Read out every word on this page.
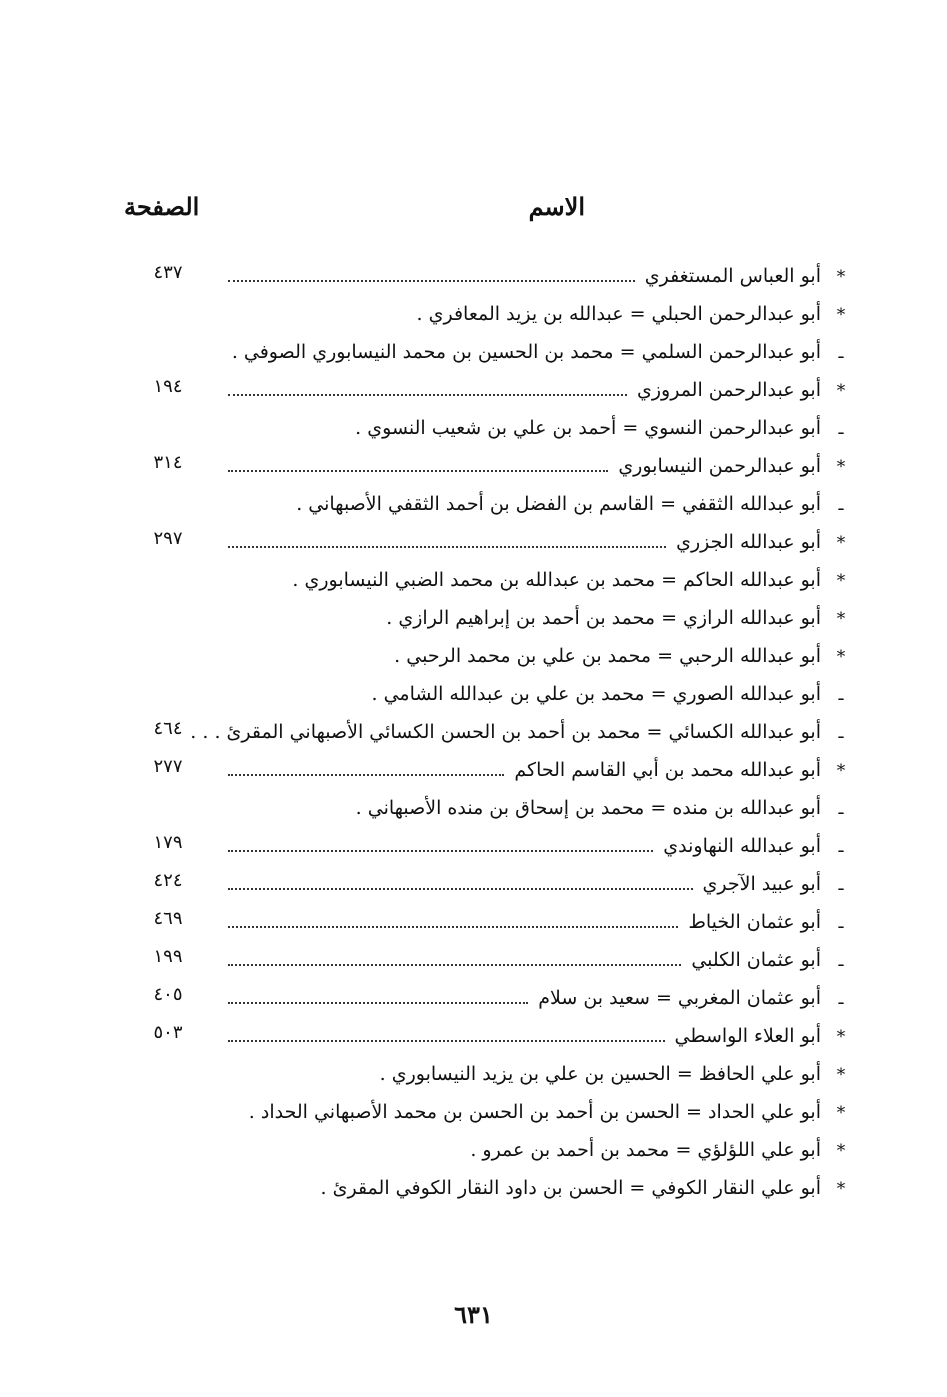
الاسم
الصفحة
*
أبو العباس المستغفري
٤٣٧
*
أبو عبدالرحمن الحبلي = عبدالله بن يزيد المعافري .
ـ
أبو عبدالرحمن السلمي = محمد بن الحسين بن محمد النيسابوري الصوفي .
*
أبو عبدالرحمن المروزي
١٩٤
ـ
أبو عبدالرحمن النسوي = أحمد بن علي بن شعيب النسوي .
*
أبو عبدالرحمن النيسابوري
٣١٤
ـ
أبو عبدالله الثقفي = القاسم بن الفضل بن أحمد الثقفي الأصبهاني .
*
أبو عبدالله الجزري
٢٩٧
*
أبو عبدالله الحاكم = محمد بن عبدالله بن محمد الضبي النيسابوري .
*
أبو عبدالله الرازي = محمد بن أحمد بن إبراهيم الرازي .
*
أبو عبدالله الرحبي = محمد بن علي بن محمد الرحبي .
ـ
أبو عبدالله الصوري = محمد بن علي بن عبدالله الشامي .
ـ
أبو عبدالله الكسائي = محمد بن أحمد بن الحسن الكسائي الأصبهاني المقرئ . . .
٤٦٤
*
أبو عبدالله محمد بن أبي القاسم الحاكم
٢٧٧
ـ
أبو عبدالله بن منده = محمد بن إسحاق بن منده الأصبهاني .
ـ
أبو عبدالله النهاوندي
١٧٩
ـ
أبو عبيد الآجري
٤٢٤
ـ
أبو عثمان الخياط
٤٦٩
ـ
أبو عثمان الكلبي
١٩٩
ـ
أبو عثمان المغربي = سعيد بن سلام
٤٠٥
*
أبو العلاء الواسطي
٥٠٣
*
أبو علي الحافظ = الحسين بن علي بن يزيد النيسابوري .
*
أبو علي الحداد = الحسن بن أحمد بن الحسن بن محمد الأصبهاني الحداد .
*
أبو علي اللؤلؤي = محمد بن أحمد بن عمرو .
*
أبو علي النقار الكوفي = الحسن بن داود النقار الكوفي المقرئ .
٦٣١
